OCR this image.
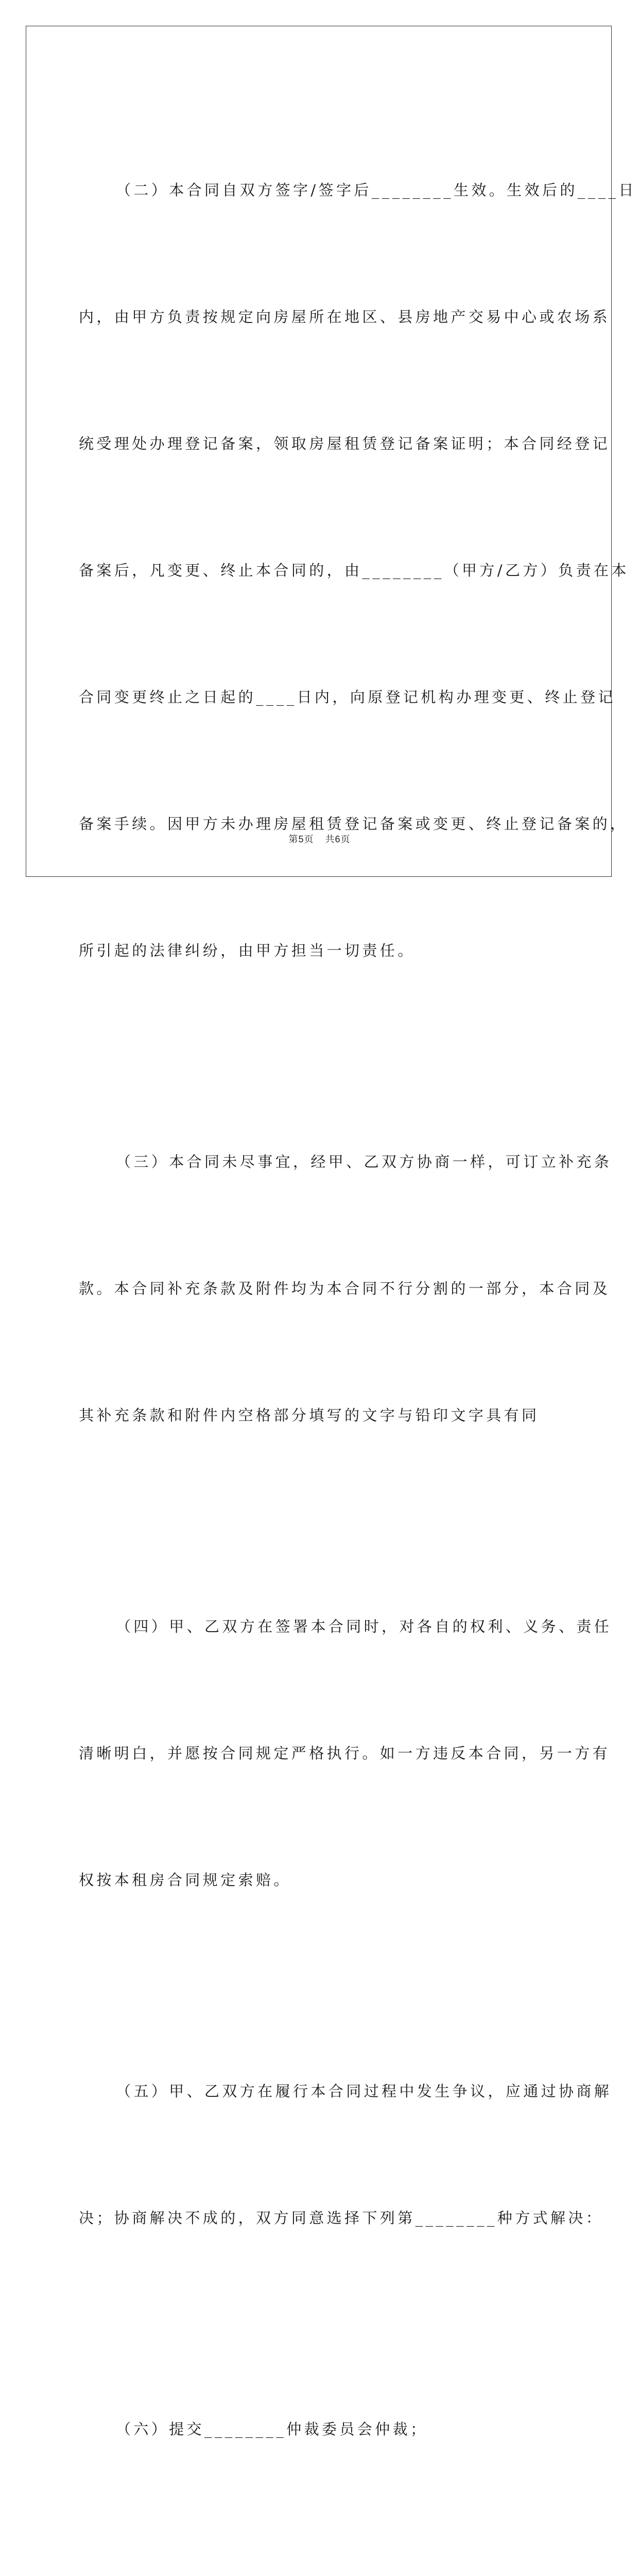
（二）本合同自双方签字/签字后________生效。生效后的____日

内，由甲方负责按规定向房屋所在地区、县房地产交易中心或农场系

统受理处办理登记备案，领取房屋租赁登记备案证明；本合同经登记

备案后，凡变更、终止本合同的，由________（甲方/乙方）负责在本

合同变更终止之日起的____日内，向原登记机构办理变更、终止登记

备案手续。因甲方未办理房屋租赁登记备案或变更、终止登记备案的，

所引起的法律纠纷，由甲方担当一切责任。

（三）本合同未尽事宜，经甲、乙双方协商一样，可订立补充条

款。本合同补充条款及附件均为本合同不行分割的一部分，本合同及

其补充条款和附件内空格部分填写的文字与铅印文字具有同

（四）甲、乙双方在签署本合同时，对各自的权利、义务、责任

清晰明白，并愿按合同规定严格执行。如一方违反本合同，另一方有

权按本租房合同规定索赔。

（五）甲、乙双方在履行本合同过程中发生争议，应通过协商解

决；协商解决不成的，双方同意选择下列第________种方式解决：

（六）提交________仲裁委员会仲裁；

第5页 共6页
